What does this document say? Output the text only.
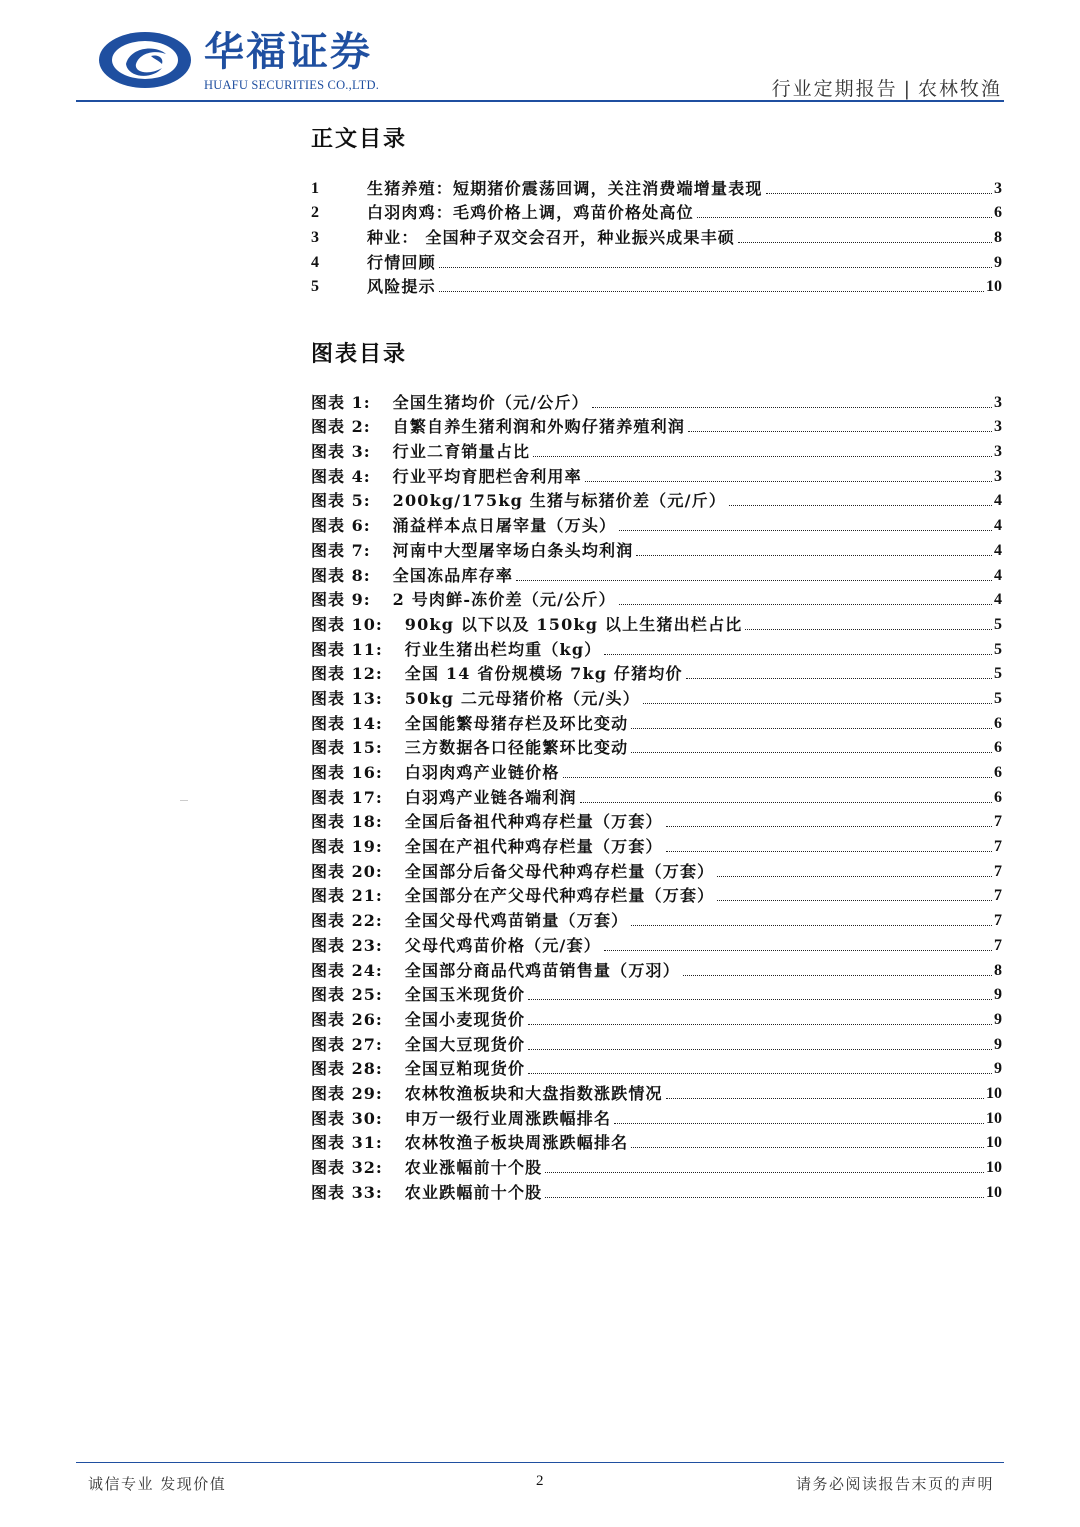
华福证券
HUAFU SECURITIES CO.,LTD.	行业定期报告 | 农林牧渔
正文目录
1	生猪养殖：短期猪价震荡回调，关注消费端增量表现	3
2	白羽肉鸡：毛鸡价格上调，鸡苗价格处高位	6
3	种业： 全国种子双交会召开，种业振兴成果丰硕	8
4	行情回顾	9
5	风险提示	10
图表目录
图表 1: 全国生猪均价（元/公斤）	3
图表 2: 自繁自养生猪利润和外购仔猪养殖利润	3
图表 3: 行业二育销量占比	3
图表 4: 行业平均育肥栏舍利用率	3
图表 5: 200kg/175kg 生猪与标猪价差（元/斤）	4
图表 6: 涌益样本点日屠宰量（万头）	4
图表 7: 河南中大型屠宰场白条头均利润	4
图表 8: 全国冻品库存率	4
图表 9: 2 号肉鲜-冻价差（元/公斤）	4
图表 10: 90kg 以下以及 150kg 以上生猪出栏占比	5
图表 11: 行业生猪出栏均重（kg）	5
图表 12: 全国 14 省份规模场 7kg 仔猪均价	5
图表 13: 50kg 二元母猪价格（元/头）	5
图表 14: 全国能繁母猪存栏及环比变动	6
图表 15: 三方数据各口径能繁环比变动	6
图表 16: 白羽肉鸡产业链价格	6
图表 17: 白羽鸡产业链各端利润	6
图表 18: 全国后备祖代种鸡存栏量（万套）	7
图表 19: 全国在产祖代种鸡存栏量（万套）	7
图表 20: 全国部分后备父母代种鸡存栏量（万套）	7
图表 21: 全国部分在产父母代种鸡存栏量（万套）	7
图表 22: 全国父母代鸡苗销量（万套）	7
图表 23: 父母代鸡苗价格（元/套）	7
图表 24: 全国部分商品代鸡苗销售量（万羽）	8
图表 25: 全国玉米现货价	9
图表 26: 全国小麦现货价	9
图表 27: 全国大豆现货价	9
图表 28: 全国豆粕现货价	9
图表 29: 农林牧渔板块和大盘指数涨跌情况	10
图表 30: 申万一级行业周涨跌幅排名	10
图表 31: 农林牧渔子板块周涨跌幅排名	10
图表 32: 农业涨幅前十个股	10
图表 33: 农业跌幅前十个股	10
诚信专业 发现价值	2	请务必阅读报告末页的声明
